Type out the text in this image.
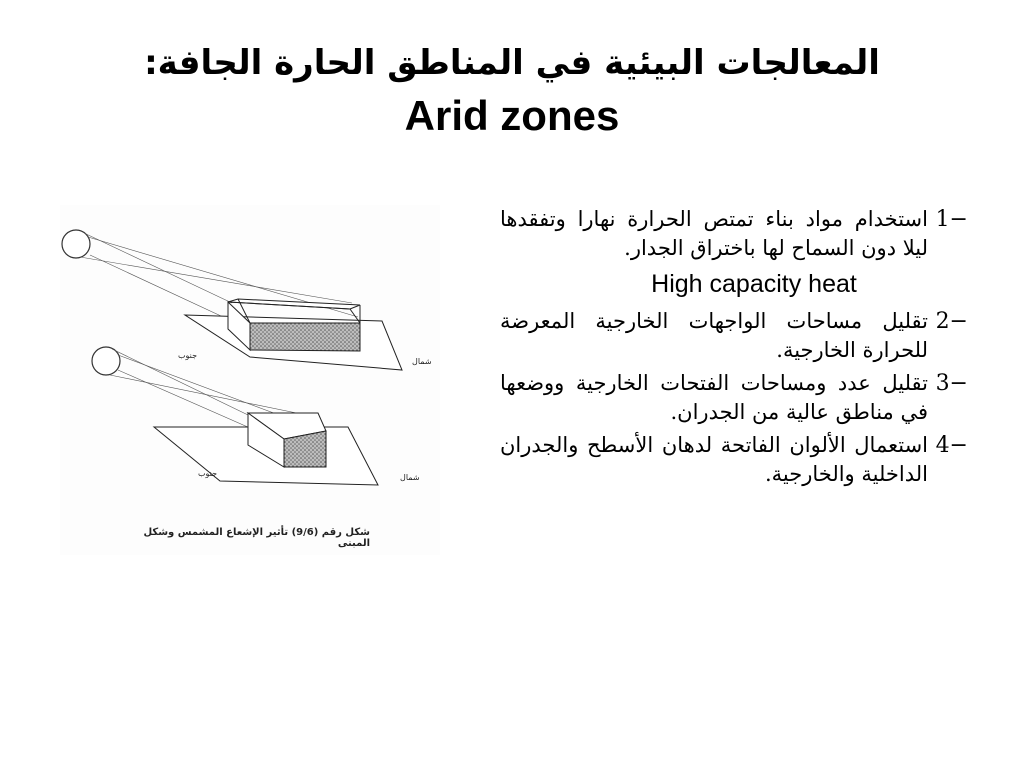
المعالجات البيئية في المناطق الحارة الجافة:
Arid zones
جنوب
شمال
جنوب	شمال
شكل رقم (9/6) تأثير الإشعاع المشمس وشكل المبنى
1−
استخدام مواد بناء تمتص الحرارة نهارا وتفقدها ليلا دون السماح لها باختراق الجدار.
High capacity heat
2−
تقليل مساحات الواجهات الخارجية المعرضة للحرارة الخارجية.
3−
تقليل عدد ومساحات الفتحات الخارجية ووضعها في مناطق عالية من الجدران.
4−
استعمال الألوان الفاتحة لدهان الأسطح والجدران الداخلية والخارجية.
